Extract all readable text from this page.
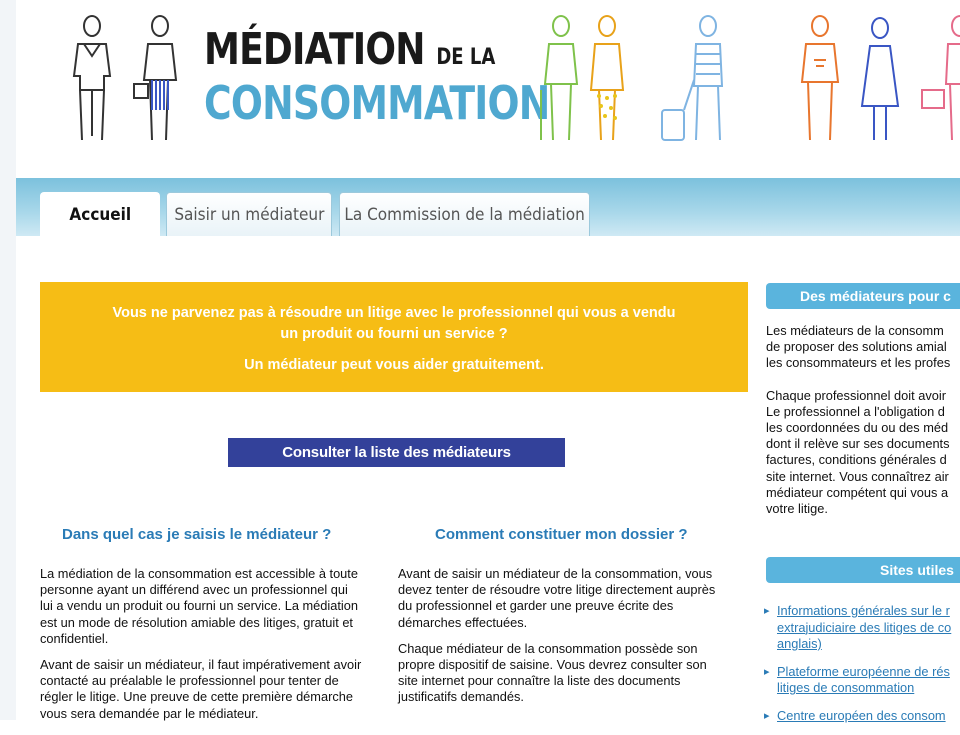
MÉDIATION DE LA
CONSOMMATION
Accueil	Saisir un médiateur La Commission de la médiation
Vous ne parvenez pas à résoudre un litige avec le professionnel qui vous a vendu
un produit ou fourni un service ?
Un médiateur peut vous aider gratuitement.
Consulter la liste des médiateurs
Dans quel cas je saisis le médiateur ?
La médiation de la consommation est accessible à toute
personne ayant un différend avec un professionnel qui
lui a vendu un produit ou fourni un service. La médiation
est un mode de résolution amiable des litiges, gratuit et
confidentiel.
Avant de saisir un médiateur, il faut impérativement avoir
contacté au préalable le professionnel pour tenter de
régler le litige. Une preuve de cette première démarche
vous sera demandée par le médiateur.
Comment constituer mon dossier ?
Avant de saisir un médiateur de la consommation, vous
devez tenter de résoudre votre litige directement auprès
du professionnel et garder une preuve écrite des
démarches effectuées.
Chaque médiateur de la consommation possède son
propre dispositif de saisine. Vous devrez consulter son
site internet pour connaître la liste des documents
justificatifs demandés.
Des médiateurs pour c
Les médiateurs de la consomm
de proposer des solutions amial
les consommateurs et les profes
Chaque professionnel doit avoir
Le professionnel a l'obligation d
les coordonnées du ou des méd
dont il relève sur ses documents
factures, conditions générales d
site internet. Vous connaîtrez air
médiateur compétent qui vous a
votre litige.
Sites utiles
▸ Informations générales sur le r
extrajudiciaire des litiges de co
anglais)
▸ Plateforme européenne de rés
litiges de consommation
▸ Centre européen des consom
